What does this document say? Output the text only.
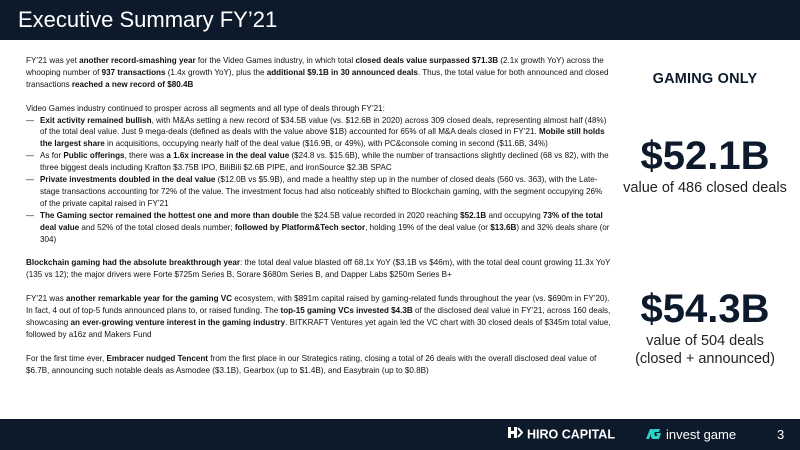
Executive Summary FY’21

FY’21 was yet another record-smashing year for the Video Games industry, in which total closed deals value surpassed $71.3B (2.1x growth YoY) across the whooping number of 937 transactions (1.4x growth YoY), plus the additional $9.1B in 30 announced deals. Thus, the total value for both announced and closed transactions reached a new record of $80.4B

Video Games industry continued to prosper across all segments and all type of deals through FY’21:

— Exit activity remained bullish, with M&As setting a new record of $34.5B value (vs. $12.6B in 2020) across 309 closed deals, representing almost half (48%) of the total deal value. Just 9 mega-deals (defined as deals with the value above $1B) accounted for 65% of all M&A deals closed in FY’21. Mobile still holds the largest share in acquisitions, occupying nearly half of the deal value ($16.9B, or 49%), with PC&console coming in second ($11.6B, 34%)
— As for Public offerings, there was a 1.6x increase in the deal value ($24.8 vs. $15.6B), while the number of transactions slightly declined (68 vs 82), with the three biggest deals including Krafton $3.75B IPO, BiliBili $2.6B PIPE, and ironSource $2.3B SPAC
— Private investments doubled in the deal value ($12.0B vs $5.9B), and made a healthy step up in the number of closed deals (560 vs. 363), with the Late-stage transactions accounting for 72% of the value. The investment focus had also noticeably shifted to Blockchain gaming, with the segment occupying 26% of the private capital raised in FY’21
— The Gaming sector remained the hottest one and more than double the $24.5B value recorded in 2020 reaching $52.1B and occupying 73% of the total deal value and 52% of the total closed deals number; followed by Platform&Tech sector, holding 19% of the deal value (or $13.6B) and 32% deals share (or 304)

Blockchain gaming had the absolute breakthrough year: the total deal value blasted off 68.1x YoY ($3.1B vs $46m), with the total deal count growing 11.3x YoY (135 vs 12); the major drivers were Forte $725m Series B, Sorare $680m Series B, and Dapper Labs $250m Series B+

FY’21 was another remarkable year for the gaming VC ecosystem, with $891m capital raised by gaming-related funds throughout the year (vs. $690m in FY’20). In fact, 4 out of top-5 funds announced plans to, or raised funding. The top-15 gaming VCs invested $4.3B of the disclosed deal value in FY’21, across 160 deals, showcasing an ever-growing venture interest in the gaming industry. BITKRAFT Ventures yet again led the VC chart with 30 closed deals of $345m total value, followed by a16z and Makers Fund

For the first time ever, Embracer nudged Tencent from the first place in our Strategics rating, closing a total of 26 deals with the overall disclosed deal value of $6.7B, announcing such notable deals as Asmodee ($3.1B), Gearbox (up to $1.4B), and Easybrain (up to $0.8B)

GAMING ONLY
$52.1B
value of 486 closed deals
$54.3B
value of 504 deals
(closed + announced)
HIRO CAPITAL	invest game	3
